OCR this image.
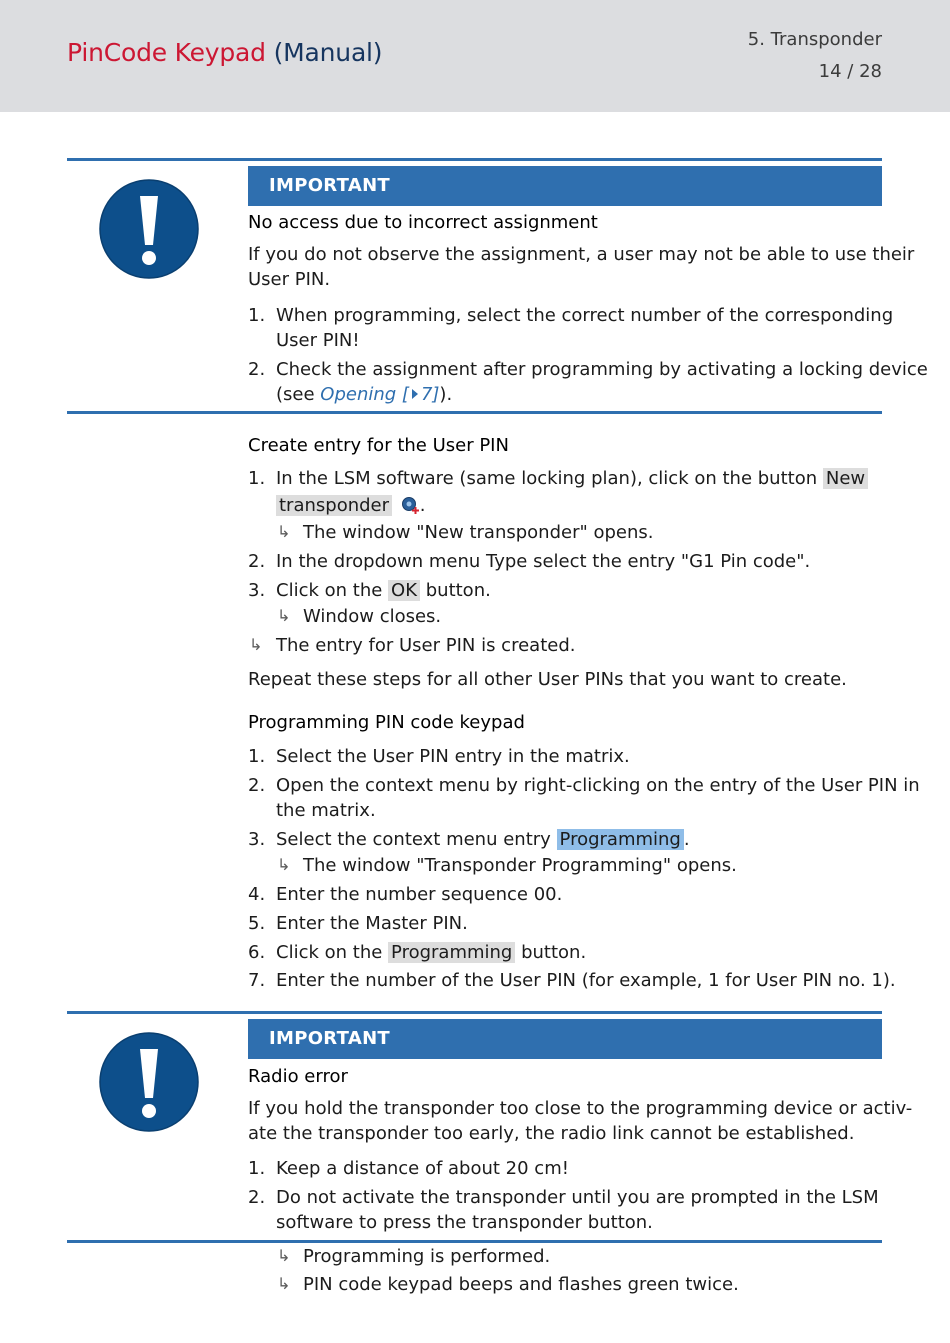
PinCode Keypad (Manual)	5. Transponder
14 / 28
IMPORTANT
No access due to incorrect assignment
If you do not observe the assignment, a user may not be able to use their
User PIN.
1. When programming, select the correct number of the corresponding
User PIN!
2. Check the assignment after programming by activating a locking device
(see Opening [ 7]).
Create entry for the User PIN
1. In the LSM software (same locking plan), click on the button New
transponder .
↳ The window "New transponder" opens.
2. In the dropdown menu Type select the entry "G1 Pin code".
3. Click on the OK button.
↳ Window closes.
↳ The entry for User PIN is created.
Repeat these steps for all other User PINs that you want to create.
Programming PIN code keypad
1. Select the User PIN entry in the matrix.
2. Open the context menu by right-clicking on the entry of the User PIN in
the matrix.
3. Select the context menu entry Programming .
↳ The window "Transponder Programming" opens.
4. Enter the number sequence 00.
5. Enter the Master PIN.
6. Click on the Programming button.
7. Enter the number of the User PIN (for example, 1 for User PIN no. 1).
IMPORTANT
Radio error
If you hold the transponder too close to the programming device or activ-
ate the transponder too early, the radio link cannot be established.
1. Keep a distance of about 20 cm!
2. Do not activate the transponder until you are prompted in the LSM
software to press the transponder button.
↳ Programming is performed.
↳ PIN code keypad beeps and flashes green twice.
